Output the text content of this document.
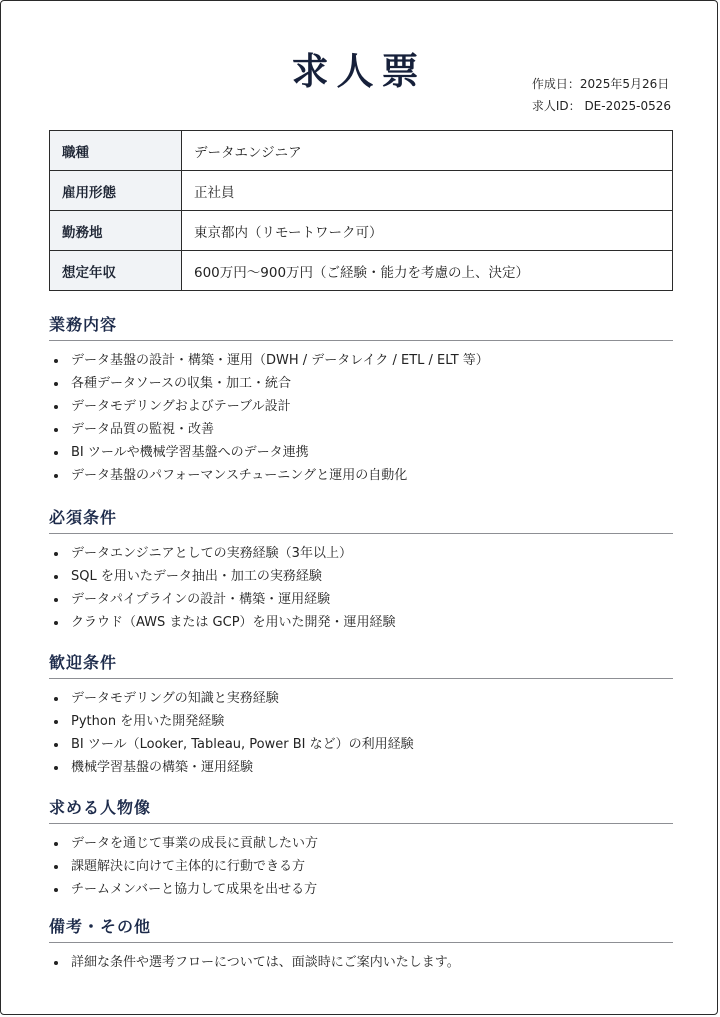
求人票	作成日：2025年5月26日
求人ID： DE-2025-0526
職種	データエンジニア
雇用形態	正社員
勤務地	東京都内（リモートワーク可）
想定年収	600万円〜900万円（ご経験・能力を考慮の上、決定）
業務内容
データ基盤の設計・構築・運用（DWH / データレイク / ETL / ELT 等）
各種データソースの収集・加工・統合
データモデリングおよびテーブル設計
データ品質の監視・改善
BI ツールや機械学習基盤へのデータ連携
データ基盤のパフォーマンスチューニングと運用の自動化
必須条件
データエンジニアとしての実務経験（3年以上）
SQL を用いたデータ抽出・加工の実務経験
データパイプラインの設計・構築・運用経験
クラウド（AWS または GCP）を用いた開発・運用経験
歓迎条件
データモデリングの知識と実務経験
Python を用いた開発経験
BI ツール（Looker, Tableau, Power BI など）の利用経験
機械学習基盤の構築・運用経験
求める人物像
データを通じて事業の成長に貢献したい方
課題解決に向けて主体的に行動できる方
チームメンバーと協力して成果を出せる方
備考・その他
詳細な条件や選考フローについては、面談時にご案内いたします。
